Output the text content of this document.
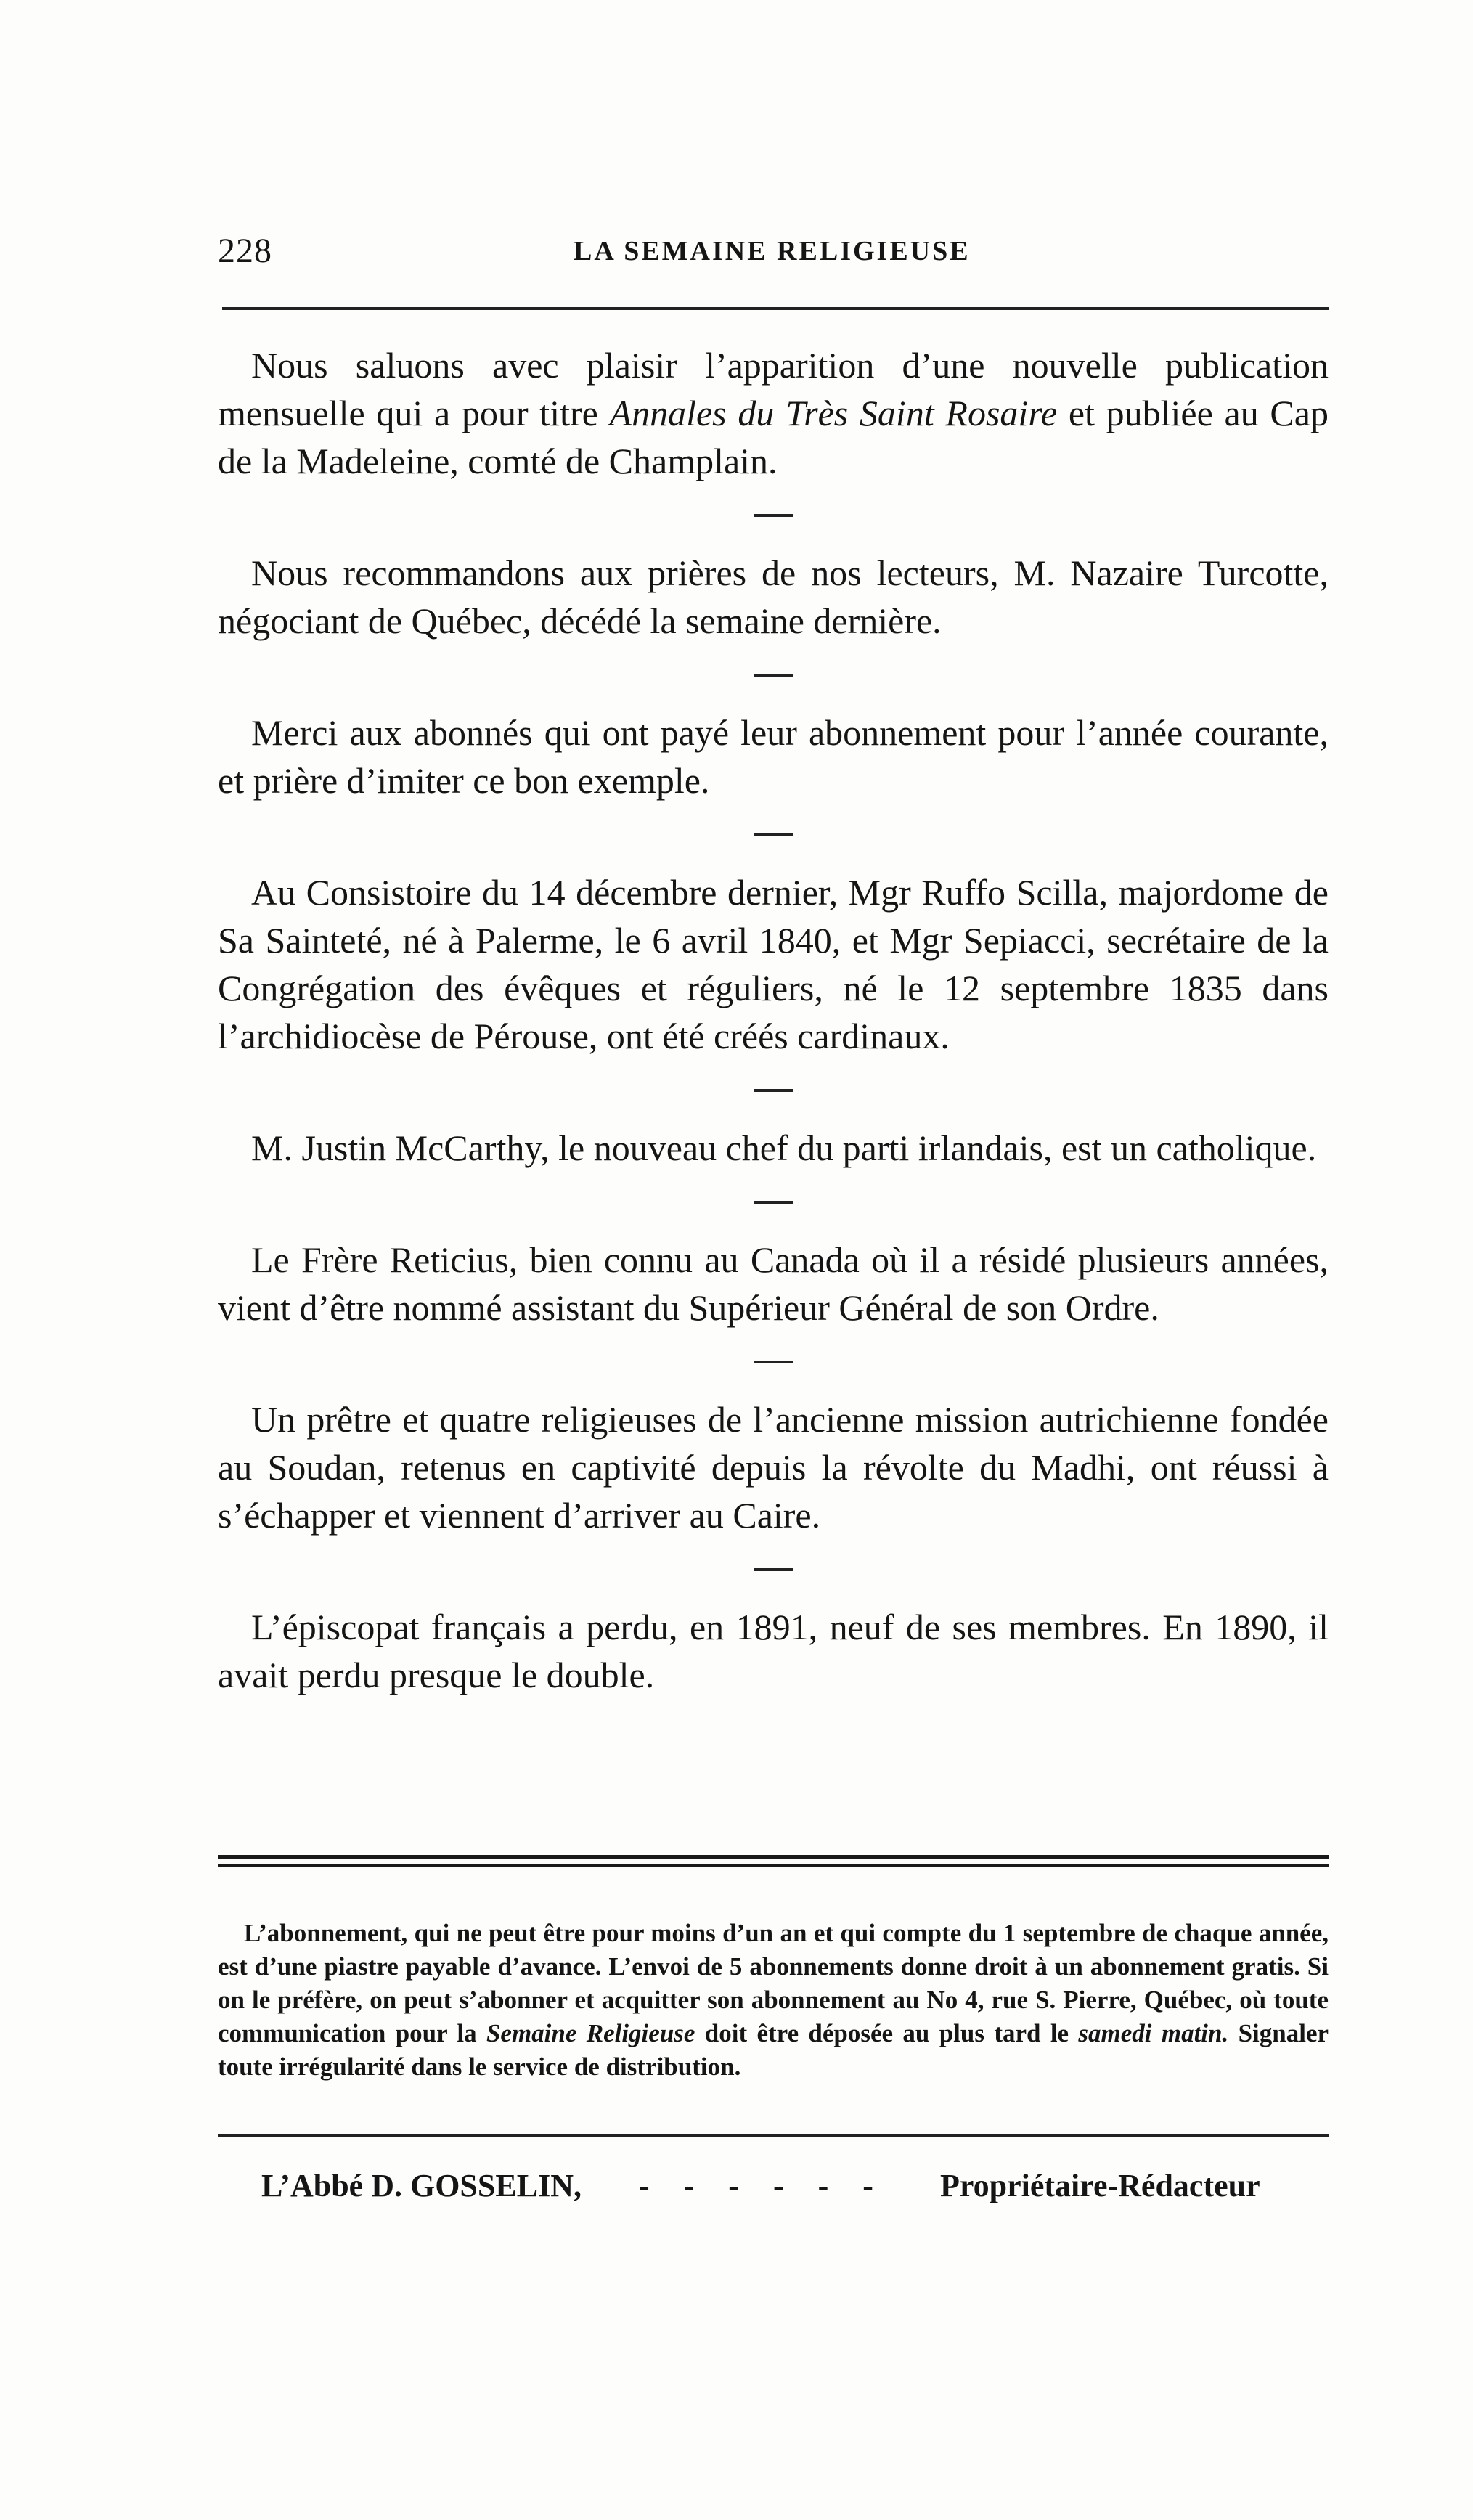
228	LA SEMAINE RELIGIEUSE

Nous saluons avec plaisir l’apparition d’une nouvelle publication mensuelle qui a pour titre Annales du Très Saint Rosaire et publiée au Cap de la Madeleine, comté de Champlain.

Nous recommandons aux prières de nos lecteurs, M. Nazaire Turcotte, négociant de Québec, décédé la semaine dernière.

Merci aux abonnés qui ont payé leur abonnement pour l’année courante, et prière d’imiter ce bon exemple.

Au Consistoire du 14 décembre dernier, Mgr Ruffo Scilla, majordome de Sa Sainteté, né à Palerme, le 6 avril 1840, et Mgr Sepiacci, secrétaire de la Congrégation des évêques et réguliers, né le 12 septembre 1835 dans l’archidiocèse de Pérouse, ont été créés cardinaux.

M. Justin McCarthy, le nouveau chef du parti irlandais, est un catholique.

Le Frère Reticius, bien connu au Canada où il a résidé plusieurs années, vient d’être nommé assistant du Supérieur Général de son Ordre.

Un prêtre et quatre religieuses de l’ancienne mission autrichienne fondée au Soudan, retenus en captivité depuis la révolte du Madhi, ont réussi à s’échapper et viennent d’arriver au Caire.

L’épiscopat français a perdu, en 1891, neuf de ses membres. En 1890, il avait perdu presque le double.

L’abonnement, qui ne peut être pour moins d’un an et qui compte du 1 septembre de chaque année, est d’une piastre payable d’avance. L’envoi de 5 abonnements donne droit à un abonnement gratis. Si on le préfère, on peut s’abonner et acquitter son abonnement au No 4, rue S. Pierre, Québec, où toute communication pour la Semaine Religieuse doit être déposée au plus tard le samedi matin. Signaler toute irrégularité dans le service de distribution.

L’Abbé D. GOSSELIN, - - - - - - Propriétaire-Rédacteur
